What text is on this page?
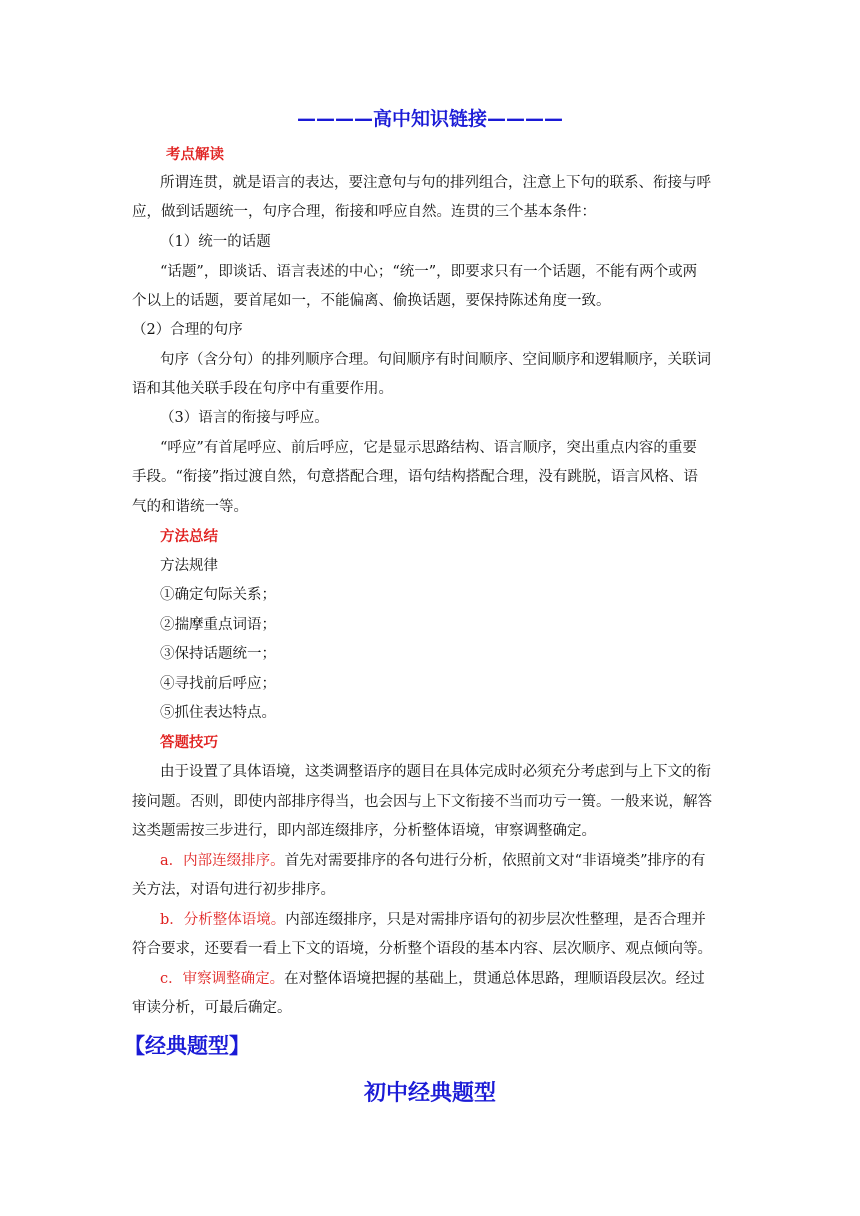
————高中知识链接————
考点解读
所谓连贯，就是语言的表达，要注意句与句的排列组合，注意上下句的联系、衔接与呼
应，做到话题统一，句序合理，衔接和呼应自然。连贯的三个基本条件：
（1）统一的话题
“话题”，即谈话、语言表述的中心；“统一”，即要求只有一个话题，不能有两个或两
个以上的话题，要首尾如一，不能偏离、偷换话题，要保持陈述角度一致。
（2）合理的句序
句序（含分句）的排列顺序合理。句间顺序有时间顺序、空间顺序和逻辑顺序，关联词
语和其他关联手段在句序中有重要作用。
（3）语言的衔接与呼应。
“呼应”有首尾呼应、前后呼应，它是显示思路结构、语言顺序，突出重点内容的重要
手段。“衔接”指过渡自然，句意搭配合理，语句结构搭配合理，没有跳脱，语言风格、语
气的和谐统一等。
方法总结
方法规律
①确定句际关系；
②揣摩重点词语；
③保持话题统一；
④寻找前后呼应；
⑤抓住表达特点。
答题技巧
由于设置了具体语境，这类调整语序的题目在具体完成时必须充分考虑到与上下文的衔
接问题。否则，即使内部排序得当，也会因与上下文衔接不当而功亏一篑。一般来说，解答
这类题需按三步进行，即内部连缀排序，分析整体语境，审察调整确定。
a．内部连缀排序。首先对需要排序的各句进行分析，依照前文对“非语境类”排序的有
关方法，对语句进行初步排序。
b．分析整体语境。内部连缀排序，只是对需排序语句的初步层次性整理，是否合理并
符合要求，还要看一看上下文的语境，分析整个语段的基本内容、层次顺序、观点倾向等。
c．审察调整确定。在对整体语境把握的基础上，贯通总体思路，理顺语段层次。经过
审读分析，可最后确定。
【经典题型】
初中经典题型
